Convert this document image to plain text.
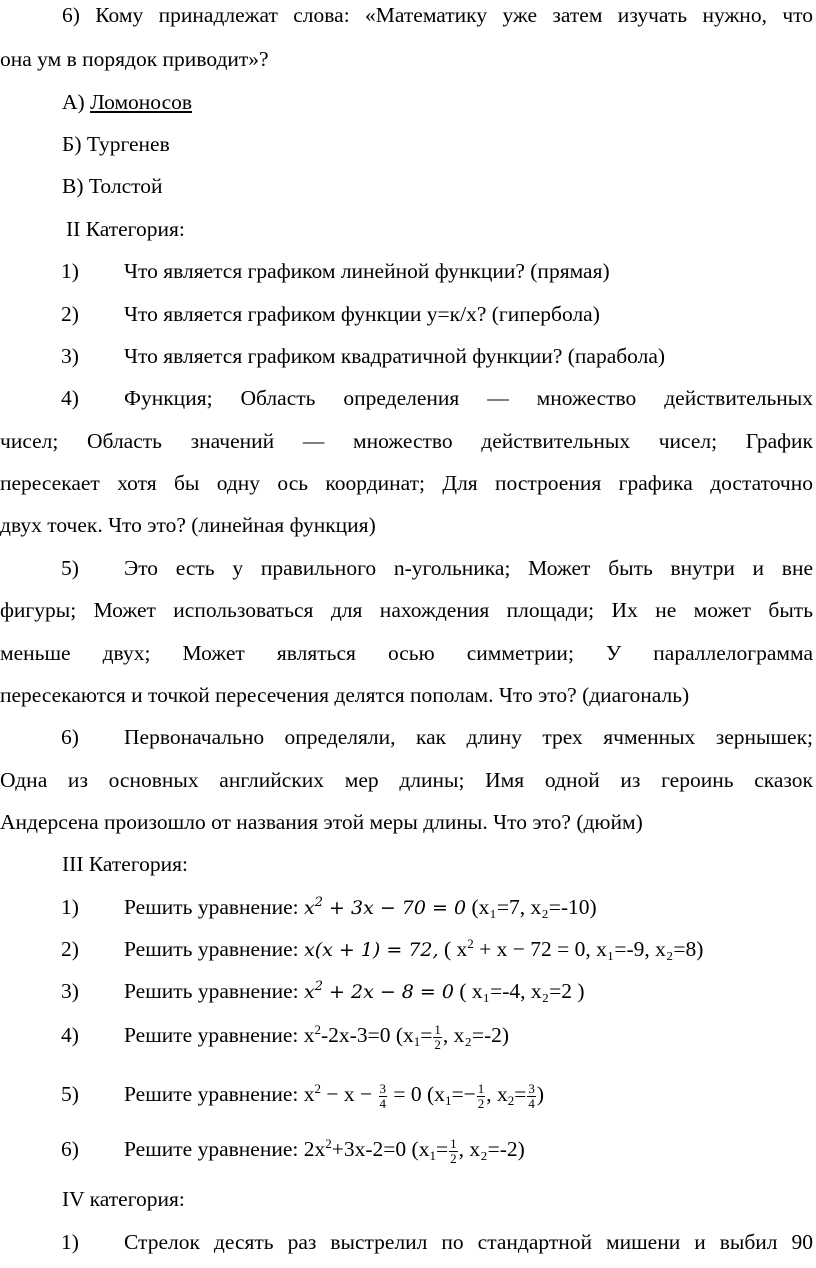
6) Кому принадлежат слова: «Математику уже затем изучать нужно, что
она ум в порядок приводит»?
А) Ломоносов
Б) Тургенев
В) Толстой
II Категория:
1) Что является графиком линейной функции? (прямая)
2) Что является графиком функции y=к/х? (гипербола)
3) Что является графиком квадратичной функции? (парабола)
4) Функция; Область определения — множество действительных
чисел; Область значений — множество действительных чисел; График
пересекает хотя бы одну ось координат; Для построения графика достаточно
двух точек. Что это? (линейная функция)
5) Это есть у правильного n-угольника; Может быть внутри и вне
фигуры; Может использоваться для нахождения площади; Их не может быть
меньше двух; Может являться осью симметрии; У параллелограмма
пересекаются и точкой пересечения делятся пополам. Что это? (диагональ)
6) Первоначально определяли, как длину трех ячменных зернышек;
Одна из основных английских мер длины; Имя одной из героинь сказок
Андерсена произошло от названия этой меры длины. Что это? (дюйм)
III Категория:
1) Решить уравнение: $x^2 + 3x - 70 = 0$ (x₁=7, x₂=-10)
2) Решить уравнение: x(x + 1) = 72, ( $x^2 + x - 72 = 0$, x₁=-9, x₂=8)
3) Решить уравнение: $x^2 + 2x - 8 = 0$ ( x₁=-4, x₂=2 )
4) Решите уравнение: $x^2-2x-3=0$ ($x_1= \frac{1}{2}$ , x₂=-2)
5) Решите уравнение: $x^2 - x - \frac{3}{4} = 0$ ($x_1=- \frac{1}{2}$ , $x_2= \frac{3}{4}$ )
6) Решите уравнение: $2x^2+3x-2=0$ ($x_1= \frac{1}{2}$ , x₂=-2)
IV категория:
1) Стрелок десять раз выстрелил по стандартной мишени и выбил 90
